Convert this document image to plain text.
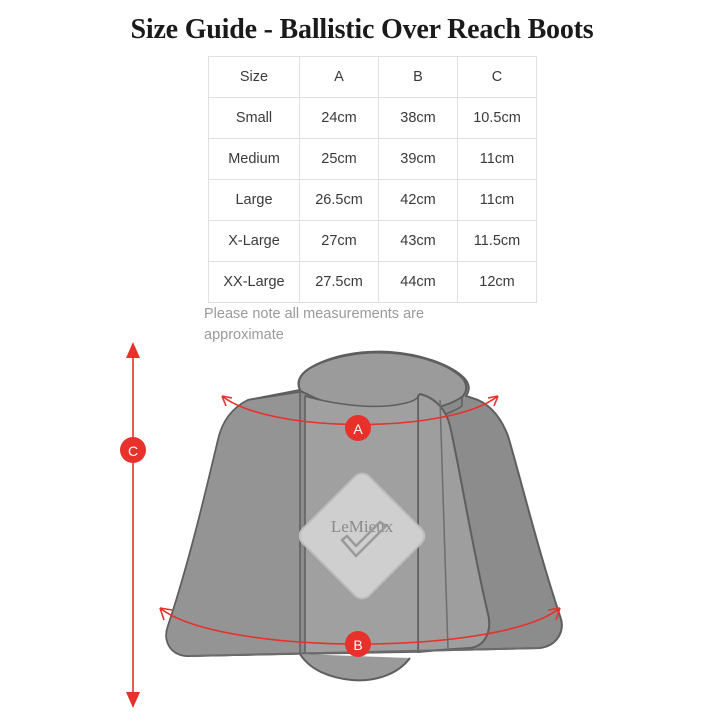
Size Guide - Ballistic Over Reach Boots
Size	A	B	C
Small	24cm	38cm	10.5cm
Medium	25cm	39cm	11cm
Large	26.5cm	42cm	11cm
X-Large	27cm	43cm	11.5cm
XX-Large	27.5cm	44cm	12cm
Please note all measurements are approximate
LeMieux
A
B
C
